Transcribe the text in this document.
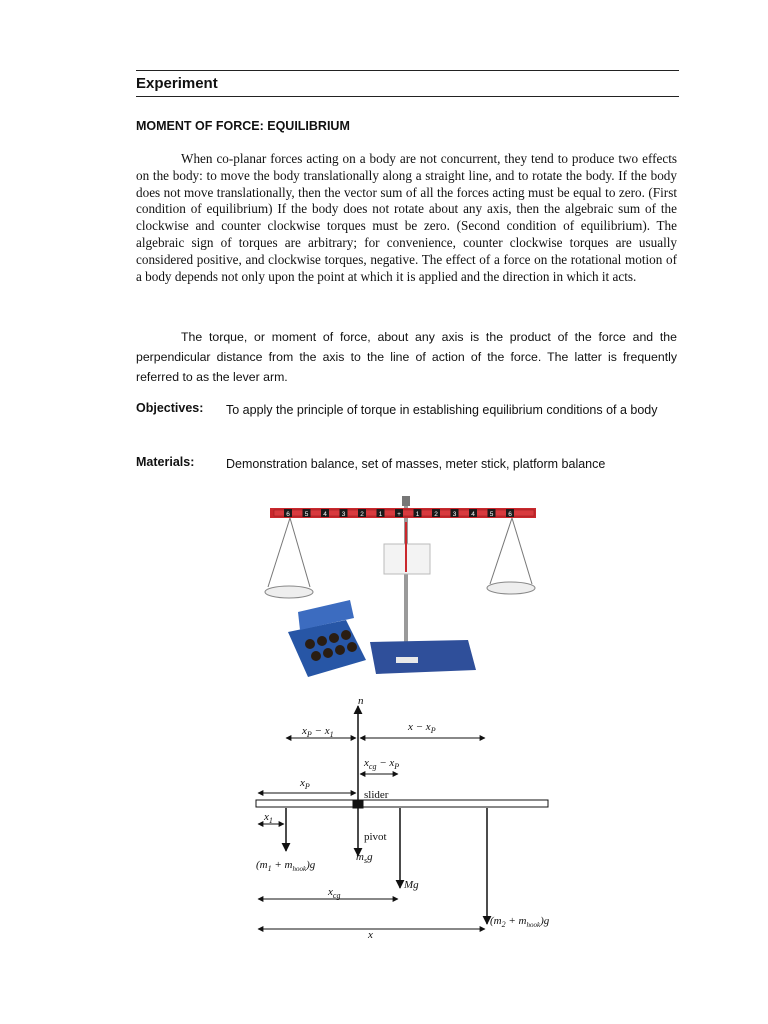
Experiment
MOMENT OF FORCE: EQUILIBRIUM
When co-planar forces acting on a body are not concurrent, they tend to produce two effects on the body: to move the body translationally along a straight line, and to rotate the body. If the body does not move translationally, then the vector sum of all the forces acting must be equal to zero. (First condition of equilibrium) If the body does not rotate about any axis, then the algebraic sum of the clockwise and counter clockwise torques must be zero. (Second condition of equilibrium). The algebraic sign of torques are arbitrary; for convenience, counter clockwise torques are usually considered positive, and clockwise torques, negative. The effect of a force on the rotational motion of a body depends not only upon the point at which it is applied and the direction in which it acts.
The torque, or moment of force, about any axis is the product of the force and the perpendicular distance from the axis to the line of action of the force. The latter is frequently referred to as the lever arm.
Objectives: To apply the principle of torque in establishing equilibrium conditions of a body
Materials:	Demonstration balance, set of masses, meter stick, platform balance
6 5 4 3 2 1 + 1 2 3 4 5 6
n
$x_P - x_1$
$x - x_P$
$x_{cg} - x_P$
$x_P$
slider
$x_1$
pivot
$(m_1 + m_{hook})g$
$m_sg$
Mg
$x_{cg}$
$(m_2 + m_{hook})g$
x
